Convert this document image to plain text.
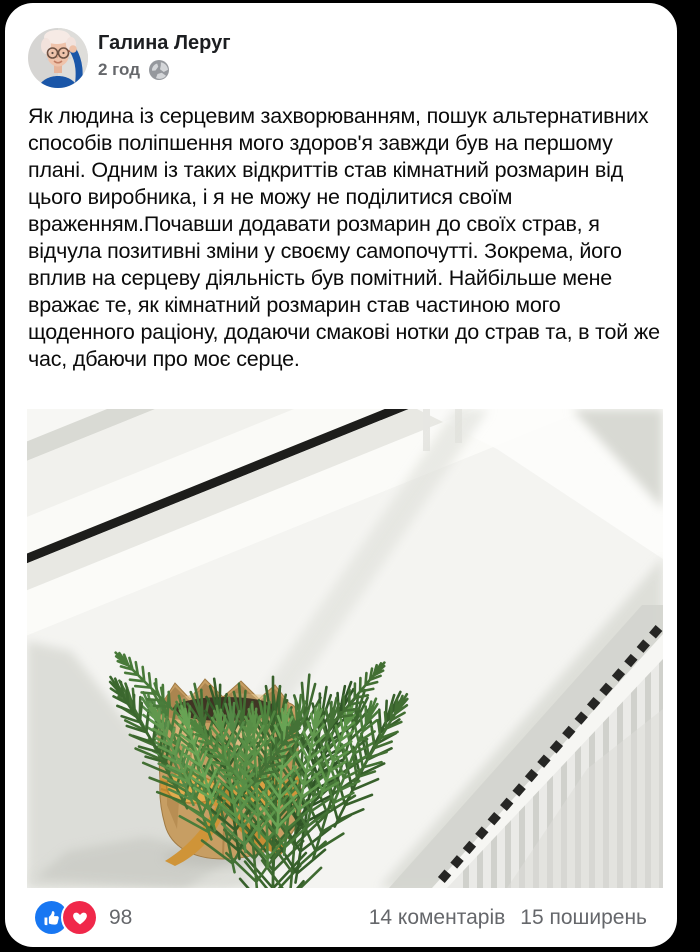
Галина Леруг
2 год
Як людина із серцевим захворюванням, пошук альтернативних способів поліпшення мого здоров'я завжди був на першому плані. Одним із таких відкриттів став кімнатний розмарин від цього виробника, і я не можу не поділитися своїм враженням.Почавши додавати розмарин до своїх страв, я відчула позитивні зміни у своєму самопочутті. Зокрема, його вплив на серцеву діяльність був помітний. Найбільше мене вражає те, як кімнатний розмарин став частиною мого щоденного раціону, додаючи смакові нотки до страв та, в той же час, дбаючи про моє серце.
98	14 коментарів 15 поширень
